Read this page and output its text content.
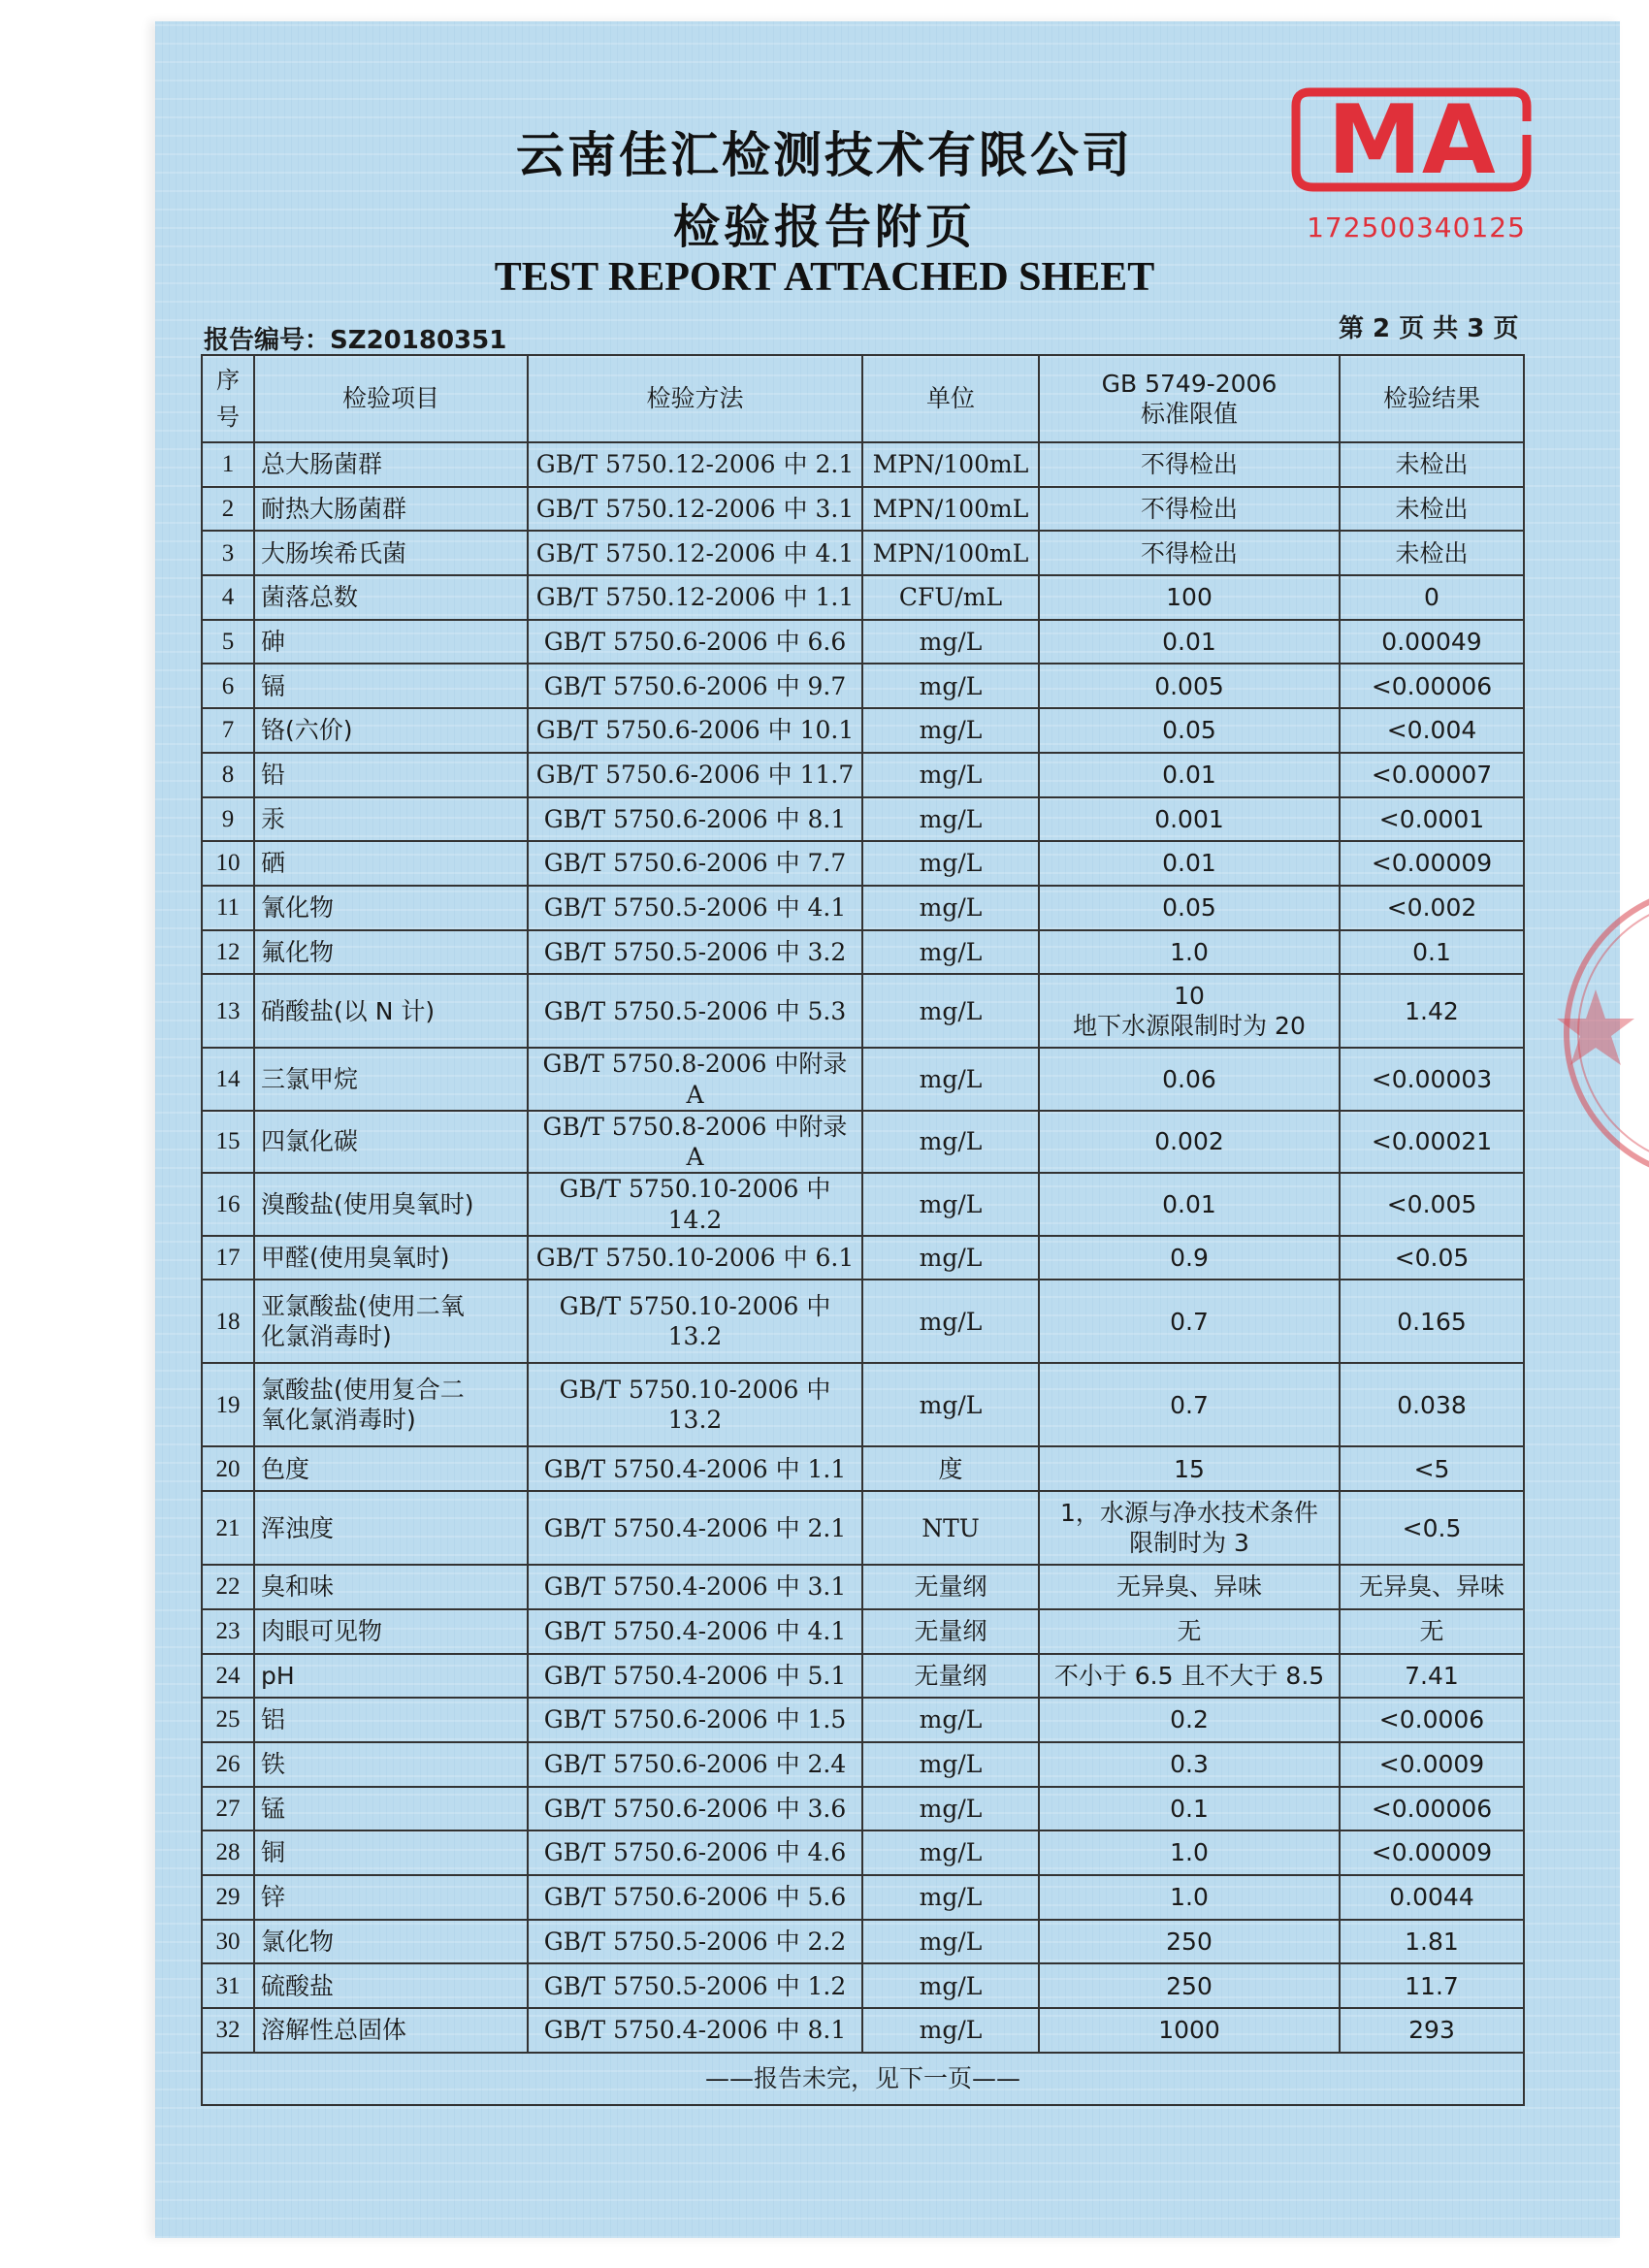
云南佳汇检测技术有限公司
检验报告附页
TEST REPORT ATTACHED SHEET
MA
172500340125
报告编号：SZ20180351	第 2 页 共 3 页
序号	检验项目	检验方法	单位	GB 5749-2006
标准限值	检验结果
1	总大肠菌群	GB/T 5750.12-2006 中 2.1	MPN/100mL	不得检出	未检出
2	耐热大肠菌群	GB/T 5750.12-2006 中 3.1	MPN/100mL	不得检出	未检出
3	大肠埃希氏菌	GB/T 5750.12-2006 中 4.1	MPN/100mL	不得检出	未检出
4	菌落总数	GB/T 5750.12-2006 中 1.1	CFU/mL	100	0
5	砷	GB/T 5750.6-2006 中 6.6	mg/L	0.01	0.00049
6	镉	GB/T 5750.6-2006 中 9.7	mg/L	0.005	<0.00006
7	铬(六价)	GB/T 5750.6-2006 中 10.1	mg/L	0.05	<0.004
8	铅	GB/T 5750.6-2006 中 11.7	mg/L	0.01	<0.00007
9	汞	GB/T 5750.6-2006 中 8.1	mg/L	0.001	<0.0001
10	硒	GB/T 5750.6-2006 中 7.7	mg/L	0.01	<0.00009
11	氰化物	GB/T 5750.5-2006 中 4.1	mg/L	0.05	<0.002
12	氟化物	GB/T 5750.5-2006 中 3.2	mg/L	1.0	0.1
13	硝酸盐(以 N 计)	GB/T 5750.5-2006 中 5.3	mg/L	10
地下水源限制时为 20	1.42
14	三氯甲烷	GB/T 5750.8-2006 中附录 A	mg/L	0.06	<0.00003
15	四氯化碳	GB/T 5750.8-2006 中附录 A	mg/L	0.002	<0.00021
16	溴酸盐(使用臭氧时)	GB/T 5750.10-2006 中 14.2	mg/L	0.01	<0.005
17	甲醛(使用臭氧时)	GB/T 5750.10-2006 中 6.1	mg/L	0.9	<0.05
18	亚氯酸盐(使用二氧
化氯消毒时)	GB/T 5750.10-2006 中 13.2	mg/L	0.7	0.165
19	氯酸盐(使用复合二
氧化氯消毒时)	GB/T 5750.10-2006 中 13.2	mg/L	0.7	0.038
20	色度	GB/T 5750.4-2006 中 1.1	度	15	<5
21	浑浊度	GB/T 5750.4-2006 中 2.1	NTU	1，水源与净水技术条件
限制时为 3	<0.5
22	臭和味	GB/T 5750.4-2006 中 3.1	无量纲	无异臭、异味	无异臭、异味
23	肉眼可见物	GB/T 5750.4-2006 中 4.1	无量纲	无	无
24	pH	GB/T 5750.4-2006 中 5.1	无量纲	不小于 6.5 且不大于 8.5	7.41
25	铝	GB/T 5750.6-2006 中 1.5	mg/L	0.2	<0.0006
26	铁	GB/T 5750.6-2006 中 2.4	mg/L	0.3	<0.0009
27	锰	GB/T 5750.6-2006 中 3.6	mg/L	0.1	<0.00006
28	铜	GB/T 5750.6-2006 中 4.6	mg/L	1.0	<0.00009
29	锌	GB/T 5750.6-2006 中 5.6	mg/L	1.0	0.0044
30	氯化物	GB/T 5750.5-2006 中 2.2	mg/L	250	1.81
31	硫酸盐	GB/T 5750.5-2006 中 1.2	mg/L	250	11.7
32	溶解性总固体	GB/T 5750.4-2006 中 8.1	mg/L	1000	293
——报告未完，见下一页——					
